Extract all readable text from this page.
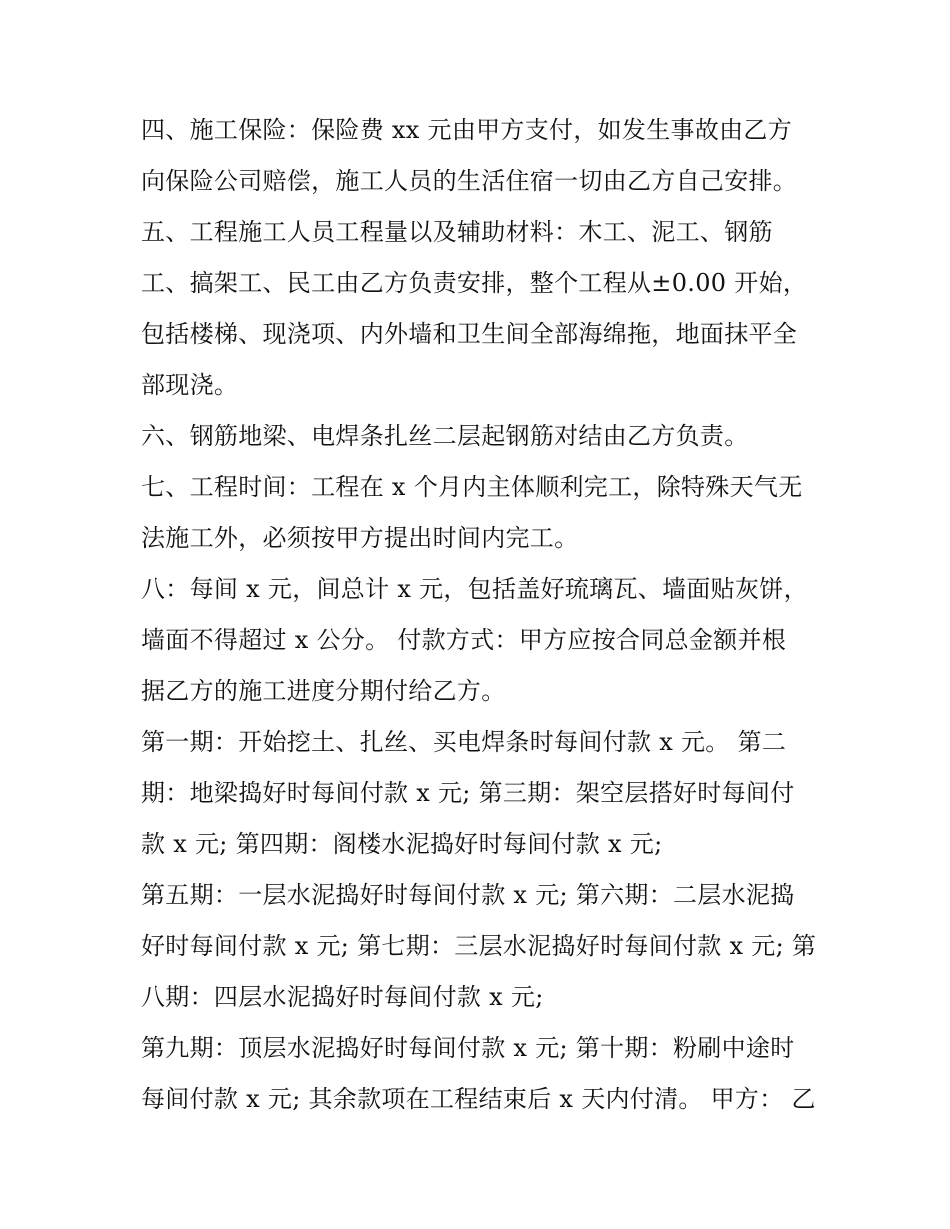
四、施工保险：保险费 xx 元由甲方支付，如发生事故由乙方
向保险公司赔偿，施工人员的生活住宿一切由乙方自己安排。
五、工程施工人员工程量以及辅助材料：木工、泥工、钢筋
工、搞架工、民工由乙方负责安排，整个工程从±0.00 开始，
包括楼梯、现浇项、内外墙和卫生间全部海绵拖，地面抹平全
部现浇。
六、钢筋地梁、电焊条扎丝二层起钢筋对结由乙方负责。
七、工程时间：工程在 x 个月内主体顺利完工，除特殊天气无
法施工外，必须按甲方提出时间内完工。
八：每间 x 元，间总计 x 元，包括盖好琉璃瓦、墙面贴灰饼，
墙面不得超过 x 公分。 付款方式：甲方应按合同总金额并根
据乙方的施工进度分期付给乙方。
第一期：开始挖土、扎丝、买电焊条时每间付款 x 元。 第二
期：地梁捣好时每间付款 x 元; 第三期：架空层搭好时每间付
款 x 元; 第四期：阁楼水泥捣好时每间付款 x 元;
第五期：一层水泥捣好时每间付款 x 元; 第六期：二层水泥捣
好时每间付款 x 元; 第七期：三层水泥捣好时每间付款 x 元; 第
八期：四层水泥捣好时每间付款 x 元;
第九期：顶层水泥捣好时每间付款 x 元; 第十期：粉刷中途时
每间付款 x 元; 其余款项在工程结束后 x 天内付清。 甲方： 乙
